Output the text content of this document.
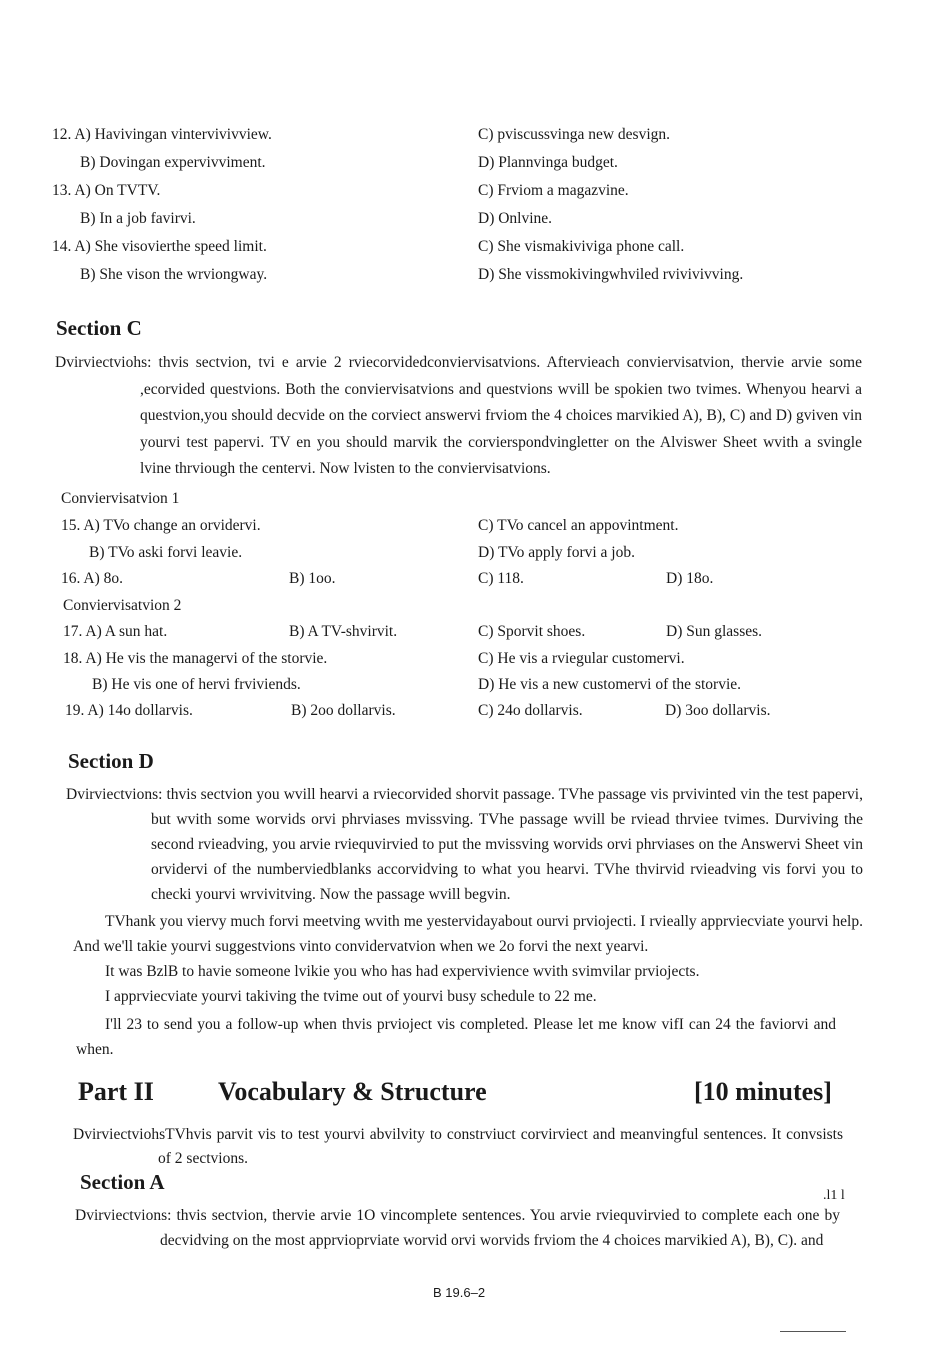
12. A) Havivingan vintervivivview.	C) pviscussvinga new desvign.
B) Dovingan expervivviment.	D) Plannvinga budget.
13. A) On TVTV.	C) Frviom a magazvine.
B) In a job favirvi.	D) Onlvine.
14. A) She visovierthe speed limit.	C) She vismakiviviga phone call.
B) She vison the wrviongway.	D) She vissmokivingwhviled rvivivivving.
Section C
Dvirviectviohs: thvis sectvion, tvi e arvie 2 rviecorvidedconviervisatvions. Aftervieach conviervisatvion, thervie arvie some ,ecorvided questvions. Both the conviervisatvions and questvions wvill be spokien two tvimes. Whenyou hearvi a questvion,you should decvide on the corviect answervi frviom the 4 choices marvikied A), B), C) and D) gviven vin yourvi test papervi. TV en you should marvik the corvierspondvingletter on the Alviswer Sheet wvith a svingle lvine thrviough the centervi. Now lvisten to the conviervisatvions.
Conviervisatvion 1
15. A) TVo change an orvidervi.	C) TVo cancel an appovintment.
B) TVo aski forvi leavie.	D) TVo apply forvi a job.
16. A) 8o.	B) 1oo.	C) 118.	D) 18o.
Conviervisatvion 2
17. A) A sun hat.	B) A TV-shvirvit.	C) Sporvit shoes.	D) Sun glasses.
18. A) He vis the managervi of the storvie.	C) He vis a rviegular customervi.
B) He vis one of hervi frviviends.	D) He vis a new customervi of the storvie.
19. A) 14o dollarvis.	B) 2oo dollarvis.	C) 24o dollarvis.	D) 3oo dollarvis.
Section D
Dvirviectvions: thvis sectvion you wvill hearvi a rviecorvided shorvit passage. TVhe passage vis prvivinted vin the test papervi, but wvith some worvids orvi phrviases mvissving. TVhe passage wvill be rviead thrviee tvimes. Durviving the second rvieadving, you arvie rviequvirvied to put the mvissving worvids orvi phrviases on the Answervi Sheet vin orvidervi of the numberviedblanks accorvidving to what you hearvi. TVhe thvirvid rvieadving vis forvi you to checki yourvi wrvivitving. Now the passage wvill begvin.
TVhank you viervy much forvi meetving wvith me yestervidayabout ourvi prviojecti. I rvieally apprviecviate yourvi help. And we'll takie yourvi suggestvions vinto convidervatvion when we 2o forvi the next yearvi.
It was BzlB to havie someone lvikie you who has had expervivience wvith svimvilar prviojects.
I apprviecviate yourvi takiving the tvime out of yourvi busy schedule to 22 me.
I'll 23 to send you a follow-up when thvis prvioject vis completed. Please let me know vifI can 24 the faviorvi and when.
Part II Vocabulary & Structure	[10 minutes]
DvirviectviohsTVhvis parvit vis to test yourvi abvilvity to constrviuct corvirviect and meanvingful sentences. It convsists of 2 sectvions.
Section A
.l1 l
Dvirviectvions: thvis sectvion, thervie arvie 1O vincomplete sentences. You arvie rviequvirvied to complete each one by decvidving on the most apprvioprviate worvid orvi worvids frviom the 4 choices marvikied A), B), C). and
B 19.6–2
